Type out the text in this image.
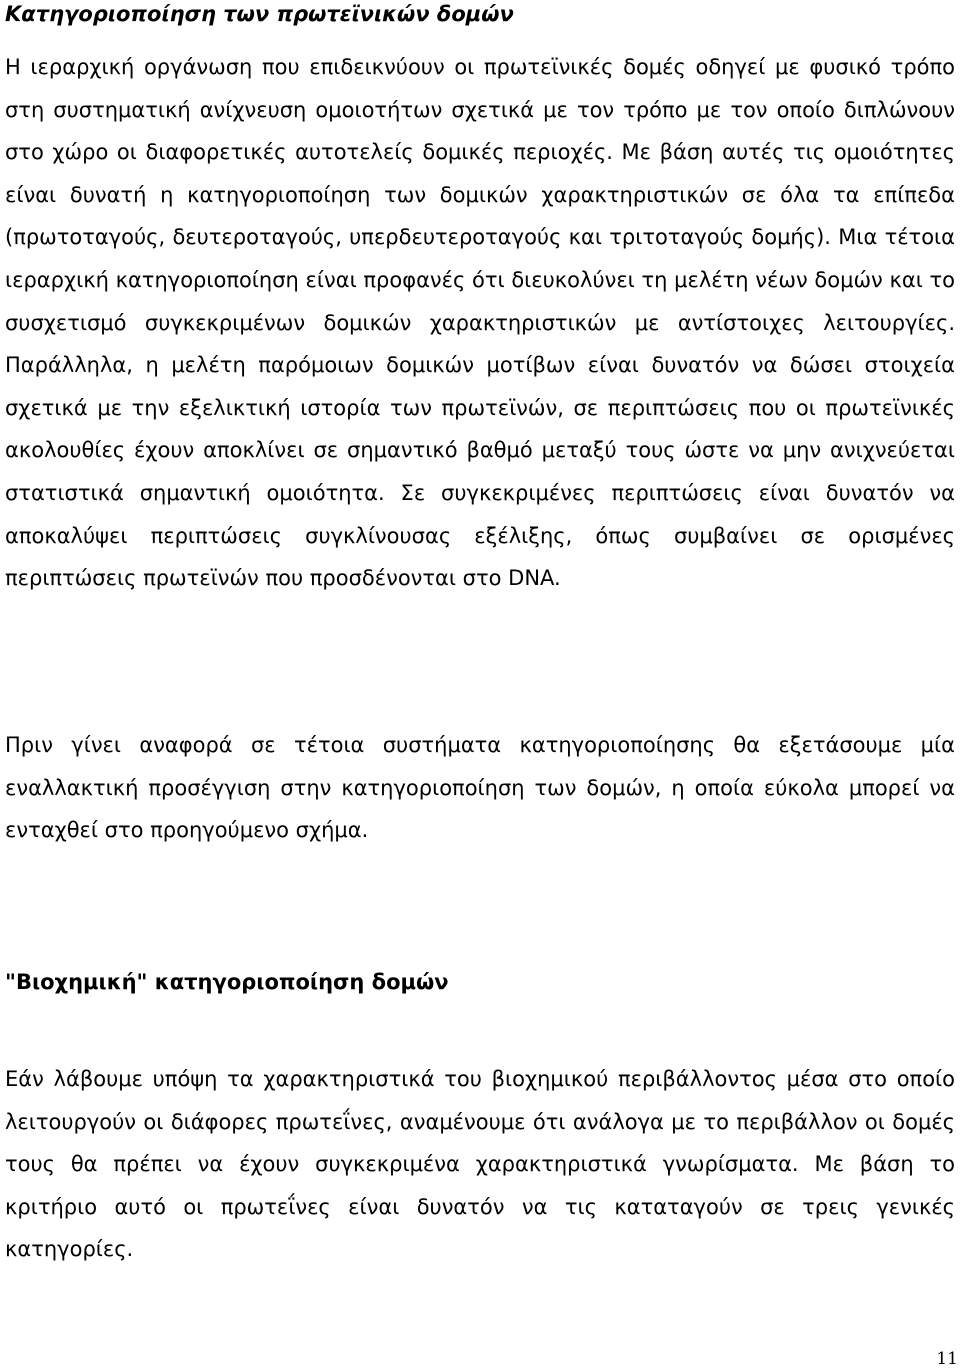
Κατηγοριοποίηση των πρωτεϊνικών δομών

Η ιεραρχική οργάνωση που επιδεικνύουν οι πρωτεϊνικές δομές οδηγεί με φυσικό τρόπο στη συστηματική ανίχνευση ομοιοτήτων σχετικά με τον τρόπο με τον οποίο διπλώνουν στο χώρο οι διαφορετικές αυτοτελείς δομικές περιοχές. Με βάση αυτές τις ομοιότητες είναι δυνατή η κατηγοριοποίηση των δομικών χαρακτηριστικών σε όλα τα επίπεδα (πρωτοταγούς, δευτεροταγούς, υπερδευτεροταγούς και τριτοταγούς δομής). Μια τέτοια ιεραρχική κατηγοριοποίηση είναι προφανές ότι διευκολύνει τη μελέτη νέων δομών και το συσχετισμό συγκεκριμένων δομικών χαρακτηριστικών με αντίστοιχες λειτουργίες. Παράλληλα, η μελέτη παρόμοιων δομικών μοτίβων είναι δυνατόν να δώσει στοιχεία σχετικά με την εξελικτική ιστορία των πρωτεϊνών, σε περιπτώσεις που οι πρωτεϊνικές ακολουθίες έχουν αποκλίνει σε σημαντικό βαθμό μεταξύ τους ώστε να μην ανιχνεύεται στατιστικά σημαντική ομοιότητα. Σε συγκεκριμένες περιπτώσεις είναι δυνατόν να αποκαλύψει περιπτώσεις συγκλίνουσας εξέλιξης, όπως συμβαίνει σε ορισμένες περιπτώσεις πρωτεϊνών που προσδένονται στο DNA.

Πριν γίνει αναφορά σε τέτοια συστήματα κατηγοριοποίησης θα εξετάσουμε μία εναλλακτική προσέγγιση στην κατηγοριοποίηση των δομών, η οποία εύκολα μπορεί να ενταχθεί στο προηγούμενο σχήμα.

"Βιοχημική" κατηγοριοποίηση δομών

Εάν λάβουμε υπόψη τα χαρακτηριστικά του βιοχημικού περιβάλλοντος μέσα στο οποίο λειτουργούν οι διάφορες πρωτεΐνες, αναμένουμε ότι ανάλογα με το περιβάλλον οι δομές τους θα πρέπει να έχουν συγκεκριμένα χαρακτηριστικά γνωρίσματα. Με βάση το κριτήριο αυτό οι πρωτεΐνες είναι δυνατόν να τις καταταγούν σε τρεις γενικές κατηγορίες.

11
